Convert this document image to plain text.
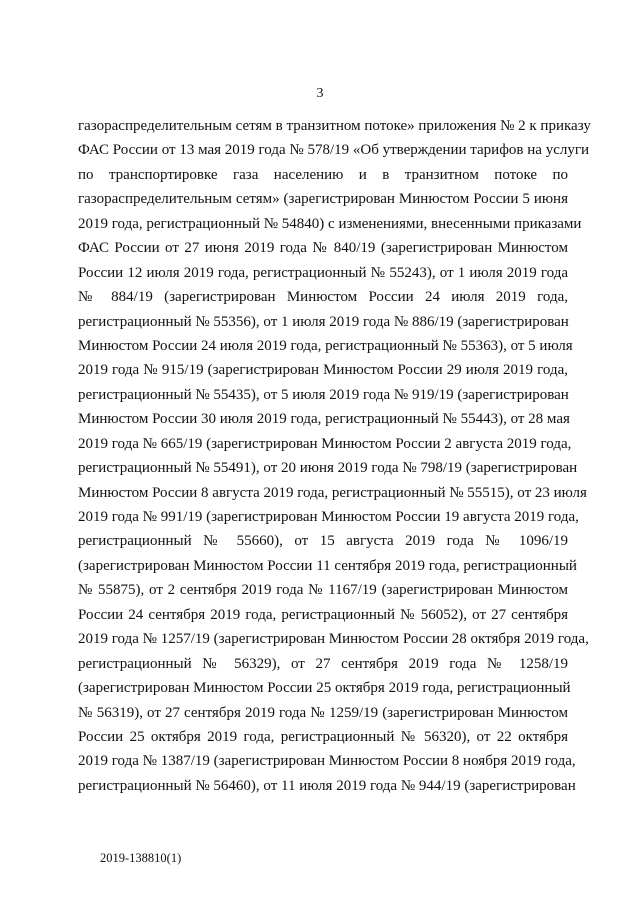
3
газораспределительным сетям в транзитном потоке» приложения № 2 к приказу
ФАС России от 13 мая 2019 года № 578/19 «Об утверждении тарифов на услуги
по транспортировке газа населению и в транзитном потоке по
газораспределительным сетям» (зарегистрирован Минюстом России 5 июня
2019 года, регистрационный № 54840) с изменениями, внесенными приказами
ФАС России от 27 июня 2019 года № 840/19 (зарегистрирован Минюстом
России 12 июля 2019 года, регистрационный № 55243), от 1 июля 2019 года
№ 884/19 (зарегистрирован Минюстом России 24 июля 2019 года,
регистрационный № 55356), от 1 июля 2019 года № 886/19 (зарегистрирован
Минюстом России 24 июля 2019 года, регистрационный № 55363), от 5 июля
2019 года № 915/19 (зарегистрирован Минюстом России 29 июля 2019 года,
регистрационный № 55435), от 5 июля 2019 года № 919/19 (зарегистрирован
Минюстом России 30 июля 2019 года, регистрационный № 55443), от 28 мая
2019 года № 665/19 (зарегистрирован Минюстом России 2 августа 2019 года,
регистрационный № 55491), от 20 июня 2019 года № 798/19 (зарегистрирован
Минюстом России 8 августа 2019 года, регистрационный № 55515), от 23 июля
2019 года № 991/19 (зарегистрирован Минюстом России 19 августа 2019 года,
регистрационный № 55660), от 15 августа 2019 года № 1096/19
(зарегистрирован Минюстом России 11 сентября 2019 года, регистрационный
№ 55875), от 2 сентября 2019 года № 1167/19 (зарегистрирован Минюстом
России 24 сентября 2019 года, регистрационный № 56052), от 27 сентября
2019 года № 1257/19 (зарегистрирован Минюстом России 28 октября 2019 года,
регистрационный № 56329), от 27 сентября 2019 года № 1258/19
(зарегистрирован Минюстом России 25 октября 2019 года, регистрационный
№ 56319), от 27 сентября 2019 года № 1259/19 (зарегистрирован Минюстом
России 25 октября 2019 года, регистрационный № 56320), от 22 октября
2019 года № 1387/19 (зарегистрирован Минюстом России 8 ноября 2019 года,
регистрационный № 56460), от 11 июля 2019 года № 944/19 (зарегистрирован
2019-138810(1)
